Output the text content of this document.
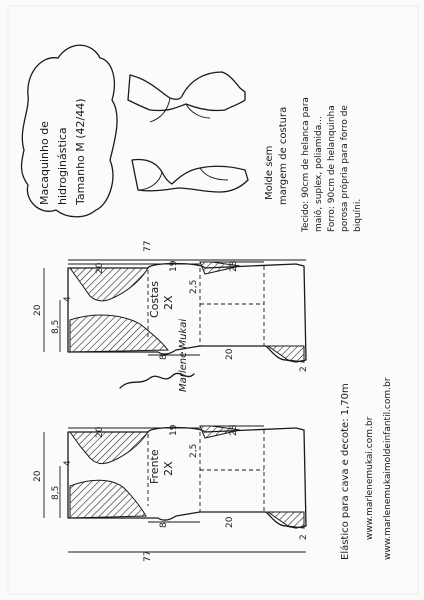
Macaquinho de hidroginástica Tamanho M (42/44)	Molde sem margem de costura Tecido: 90cm de helanca para maiô, suplex, poliamida... Forro: 90cm de helanquinha porosa própria para forro de biquíni.
77
20	19	28
20
8,5
4
2,5
8	20
2
Costas 2X
Marlene Mukai
77
20	19	28
20
8,5
4
2,5
8	20
2
Frente 2X	Elástico para cava e decote: 1,70m www.marlenemukai.com.br www.marlenemukaimoldeinfantil.com.br
